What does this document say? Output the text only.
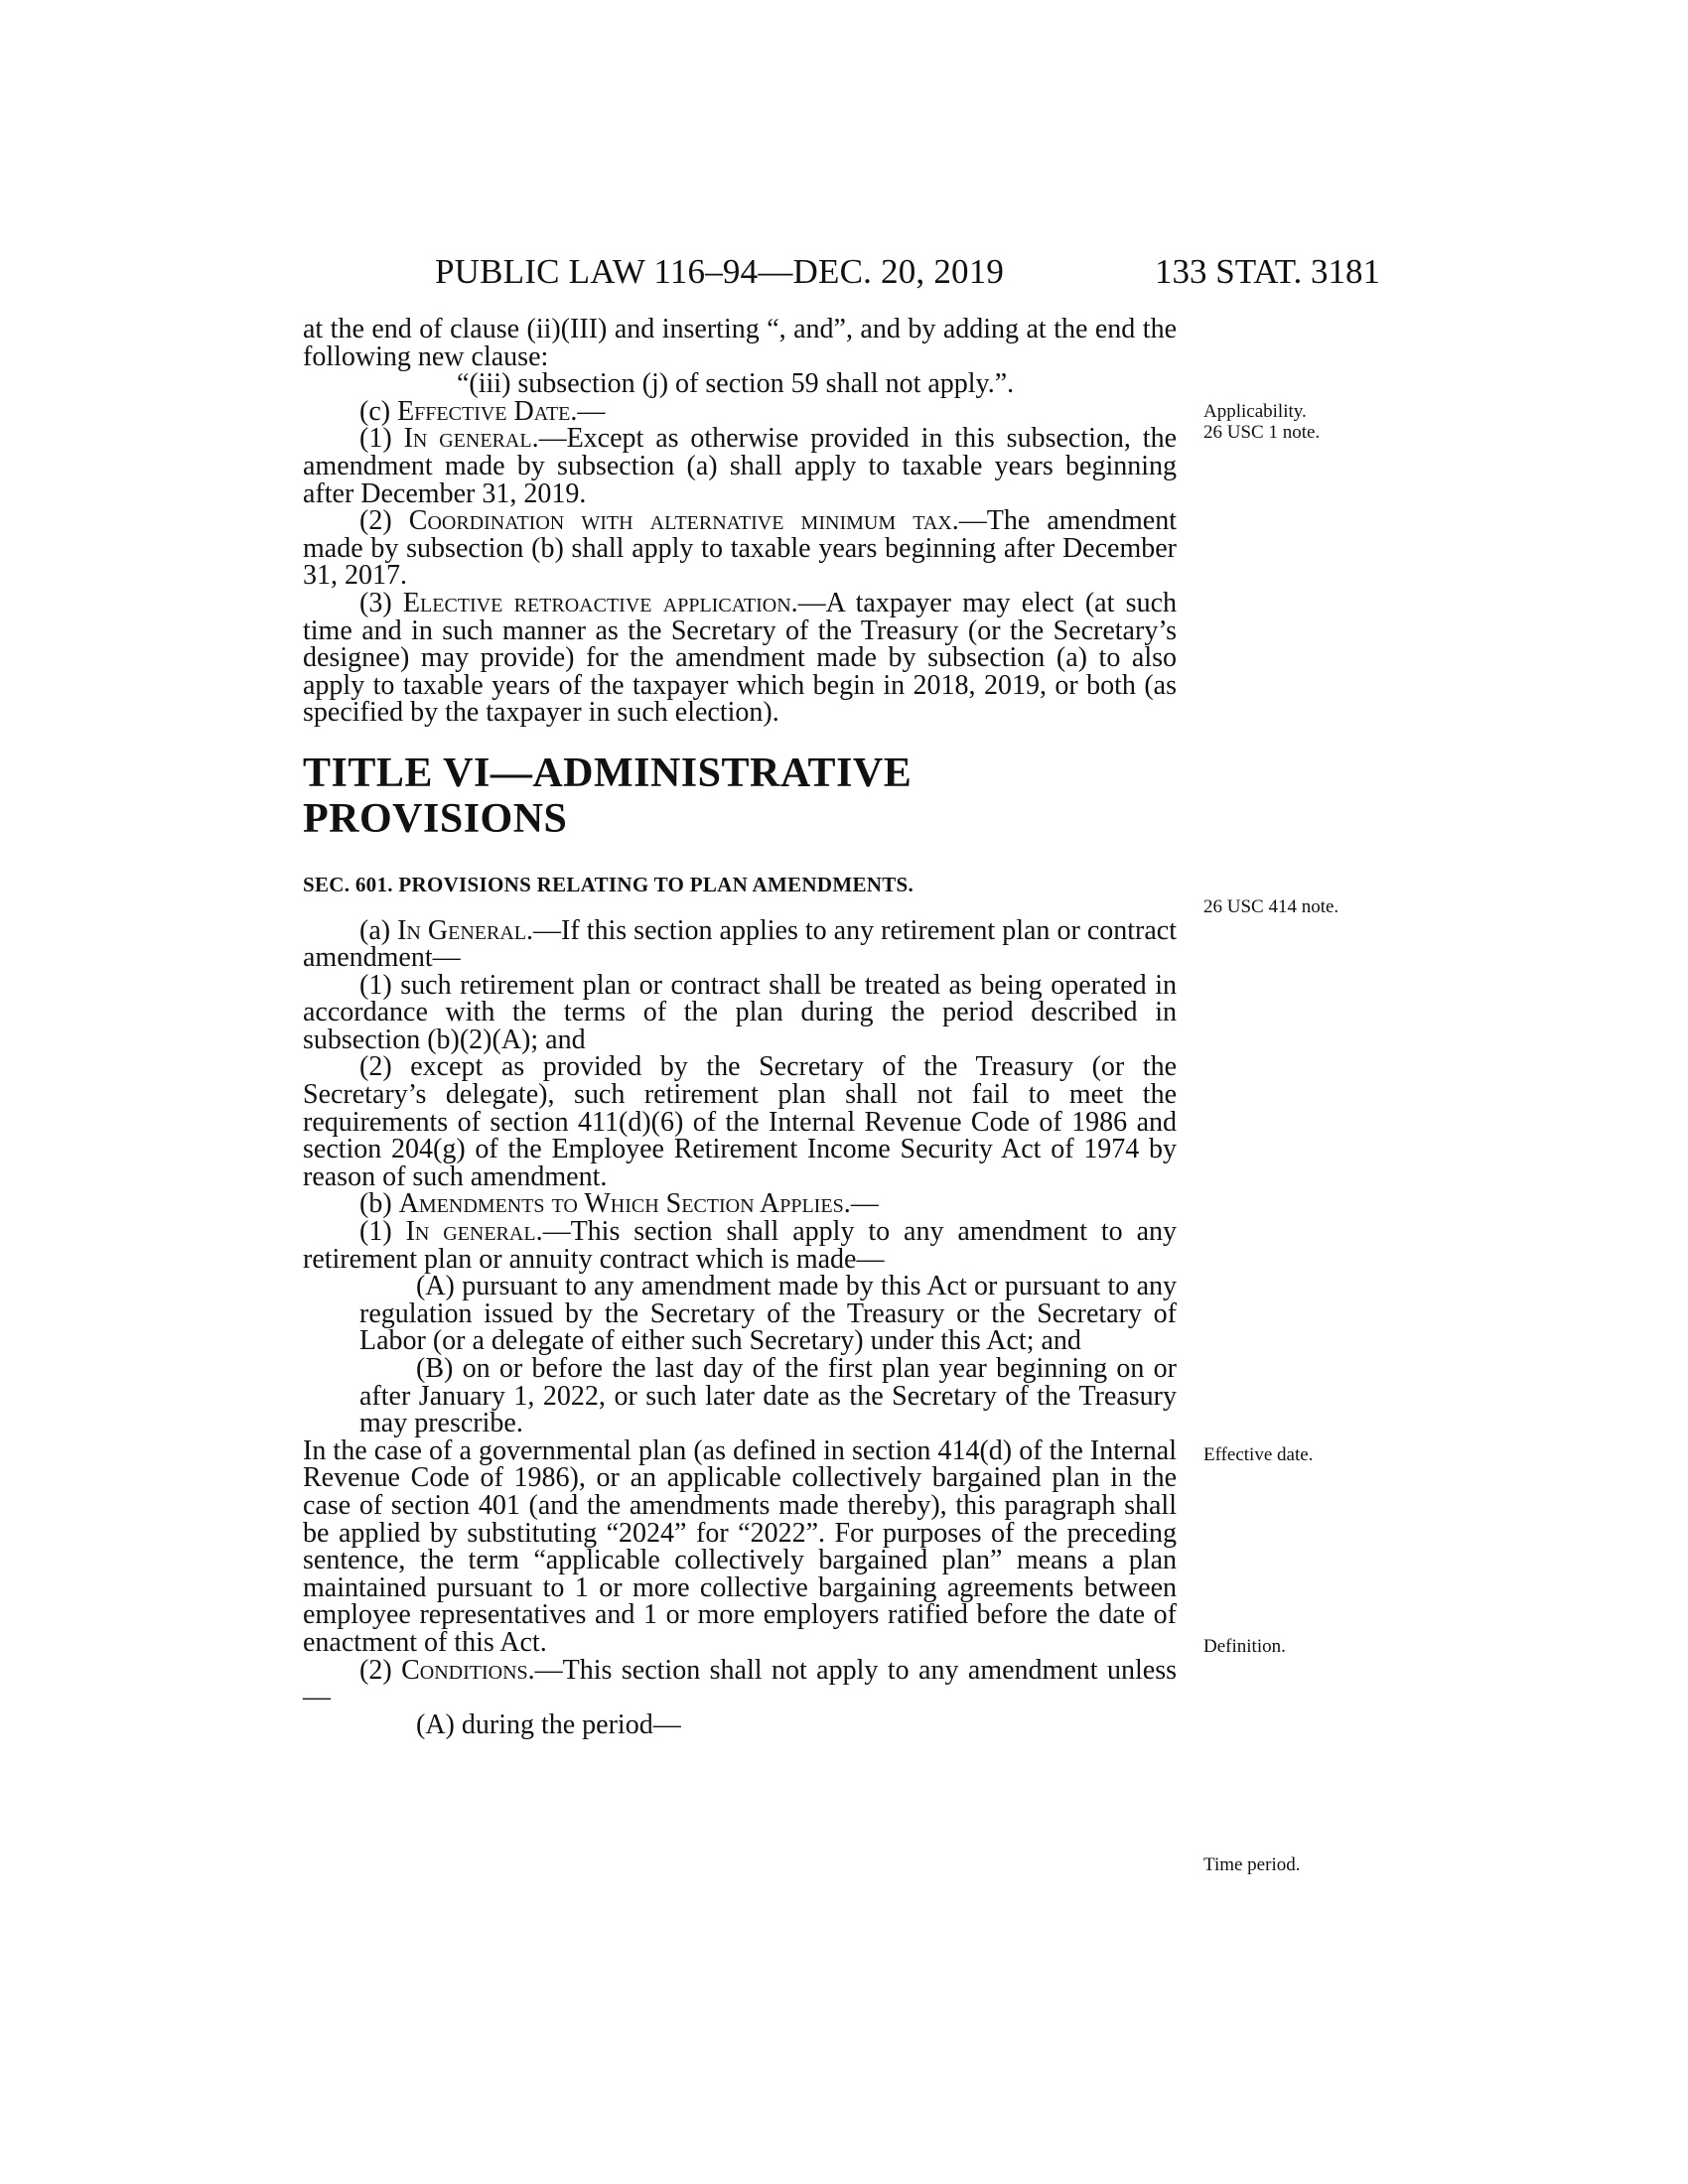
PUBLIC LAW 116–94—DEC. 20, 2019	133 STAT. 3181
Applicability.
26 USC 1 note.
26 USC 414 note.
Effective date.
Definition.
Time period.

at the end of clause (ii)(III) and inserting “, and”, and by adding at the end the following new clause:

“(iii) subsection (j) of section 59 shall not apply.”.

(c) Effective Date.—

(1) In general.—Except as otherwise provided in this subsection, the amendment made by subsection (a) shall apply to taxable years beginning after December 31, 2019.

(2) Coordination with alternative minimum tax.—The amendment made by subsection (b) shall apply to taxable years beginning after December 31, 2017.

(3) Elective retroactive application.—A taxpayer may elect (at such time and in such manner as the Secretary of the Treasury (or the Secretary’s designee) may provide) for the amendment made by subsection (a) to also apply to taxable years of the taxpayer which begin in 2018, 2019, or both (as specified by the taxpayer in such election).

TITLE VI—ADMINISTRATIVE
PROVISIONS

SEC. 601. PROVISIONS RELATING TO PLAN AMENDMENTS.

(a) In General.—If this section applies to any retirement plan or contract amendment—

(1) such retirement plan or contract shall be treated as being operated in accordance with the terms of the plan during the period described in subsection (b)(2)(A); and

(2) except as provided by the Secretary of the Treasury (or the Secretary’s delegate), such retirement plan shall not fail to meet the requirements of section 411(d)(6) of the Internal Revenue Code of 1986 and section 204(g) of the Employee Retirement Income Security Act of 1974 by reason of such amendment.

(b) Amendments to Which Section Applies.—

(1) In general.—This section shall apply to any amendment to any retirement plan or annuity contract which is made—

(A) pursuant to any amendment made by this Act or pursuant to any regulation issued by the Secretary of the Treasury or the Secretary of Labor (or a delegate of either such Secretary) under this Act; and

(B) on or before the last day of the first plan year beginning on or after January 1, 2022, or such later date as the Secretary of the Treasury may prescribe.

In the case of a governmental plan (as defined in section 414(d) of the Internal Revenue Code of 1986), or an applicable collectively bargained plan in the case of section 401 (and the amendments made thereby), this paragraph shall be applied by substituting “2024” for “2022”. For purposes of the preceding sentence, the term “applicable collectively bargained plan” means a plan maintained pursuant to 1 or more collective bargaining agreements between employee representatives and 1 or more employers ratified before the date of enactment of this Act.

(2) Conditions.—This section shall not apply to any amendment unless—

(A) during the period—
